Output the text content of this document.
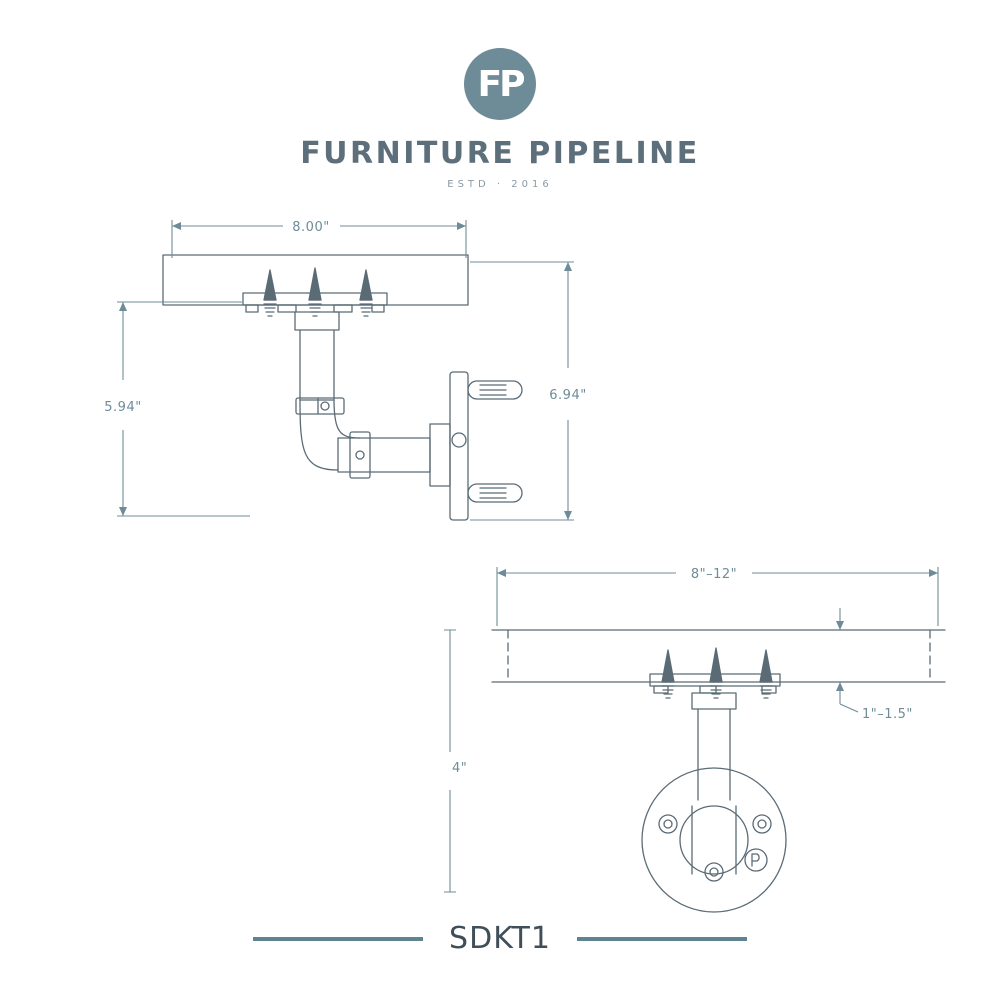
FP
FURNITURE PIPELINE
ESTD · 2016
8.00"
6.94"
5.94"
8"–12"
1"–1.5"
4"
SDKT1
